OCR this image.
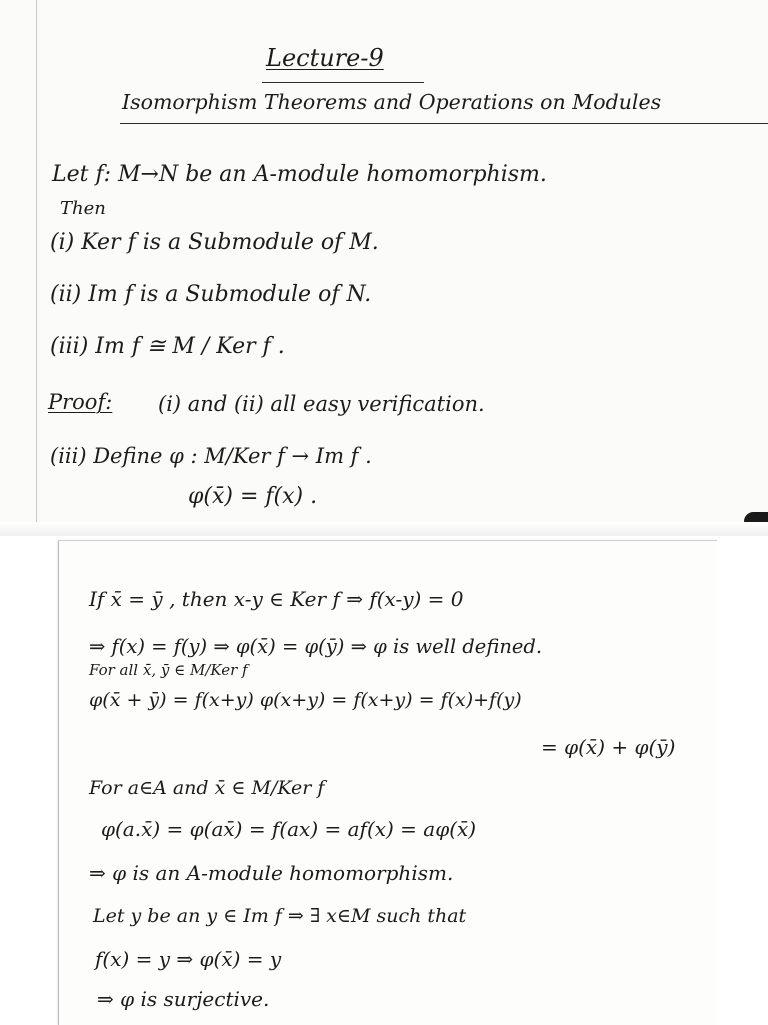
Lecture-9
Isomorphism Theorems and Operations on Modules
Let f: M→N be an A-module homomorphism.
Then
(i) Ker f is a Submodule of M.
(ii) Im f is a Submodule of N.
(iii) Im f ≅ M / Ker f .
Proof: (i) and (ii) all easy verification.
(iii) Define φ : M/Ker f → Im f .
φ(x̄) = f(x) .
If x̄ = ȳ , then x-y ∈ Ker f ⇒ f(x-y) = 0
⇒ f(x) = f(y) ⇒ φ(x̄) = φ(ȳ) ⇒ φ is well defined.
For all x̄, ȳ ∈ M/Ker f
φ(x̄ + ȳ) = f(x+y) φ(x+y) = f(x+y) = f(x)+f(y)
= φ(x̄) + φ(ȳ)
For a∈A and x̄ ∈ M/Ker f
φ(a.x̄) = φ(ax̄) = f(ax) = af(x) = aφ(x̄)
⇒ φ is an A-module homomorphism.
Let y be an y ∈ Im f ⇒ ∃ x∈M such that
f(x) = y ⇒ φ(x̄) = y
⇒ φ is surjective.
